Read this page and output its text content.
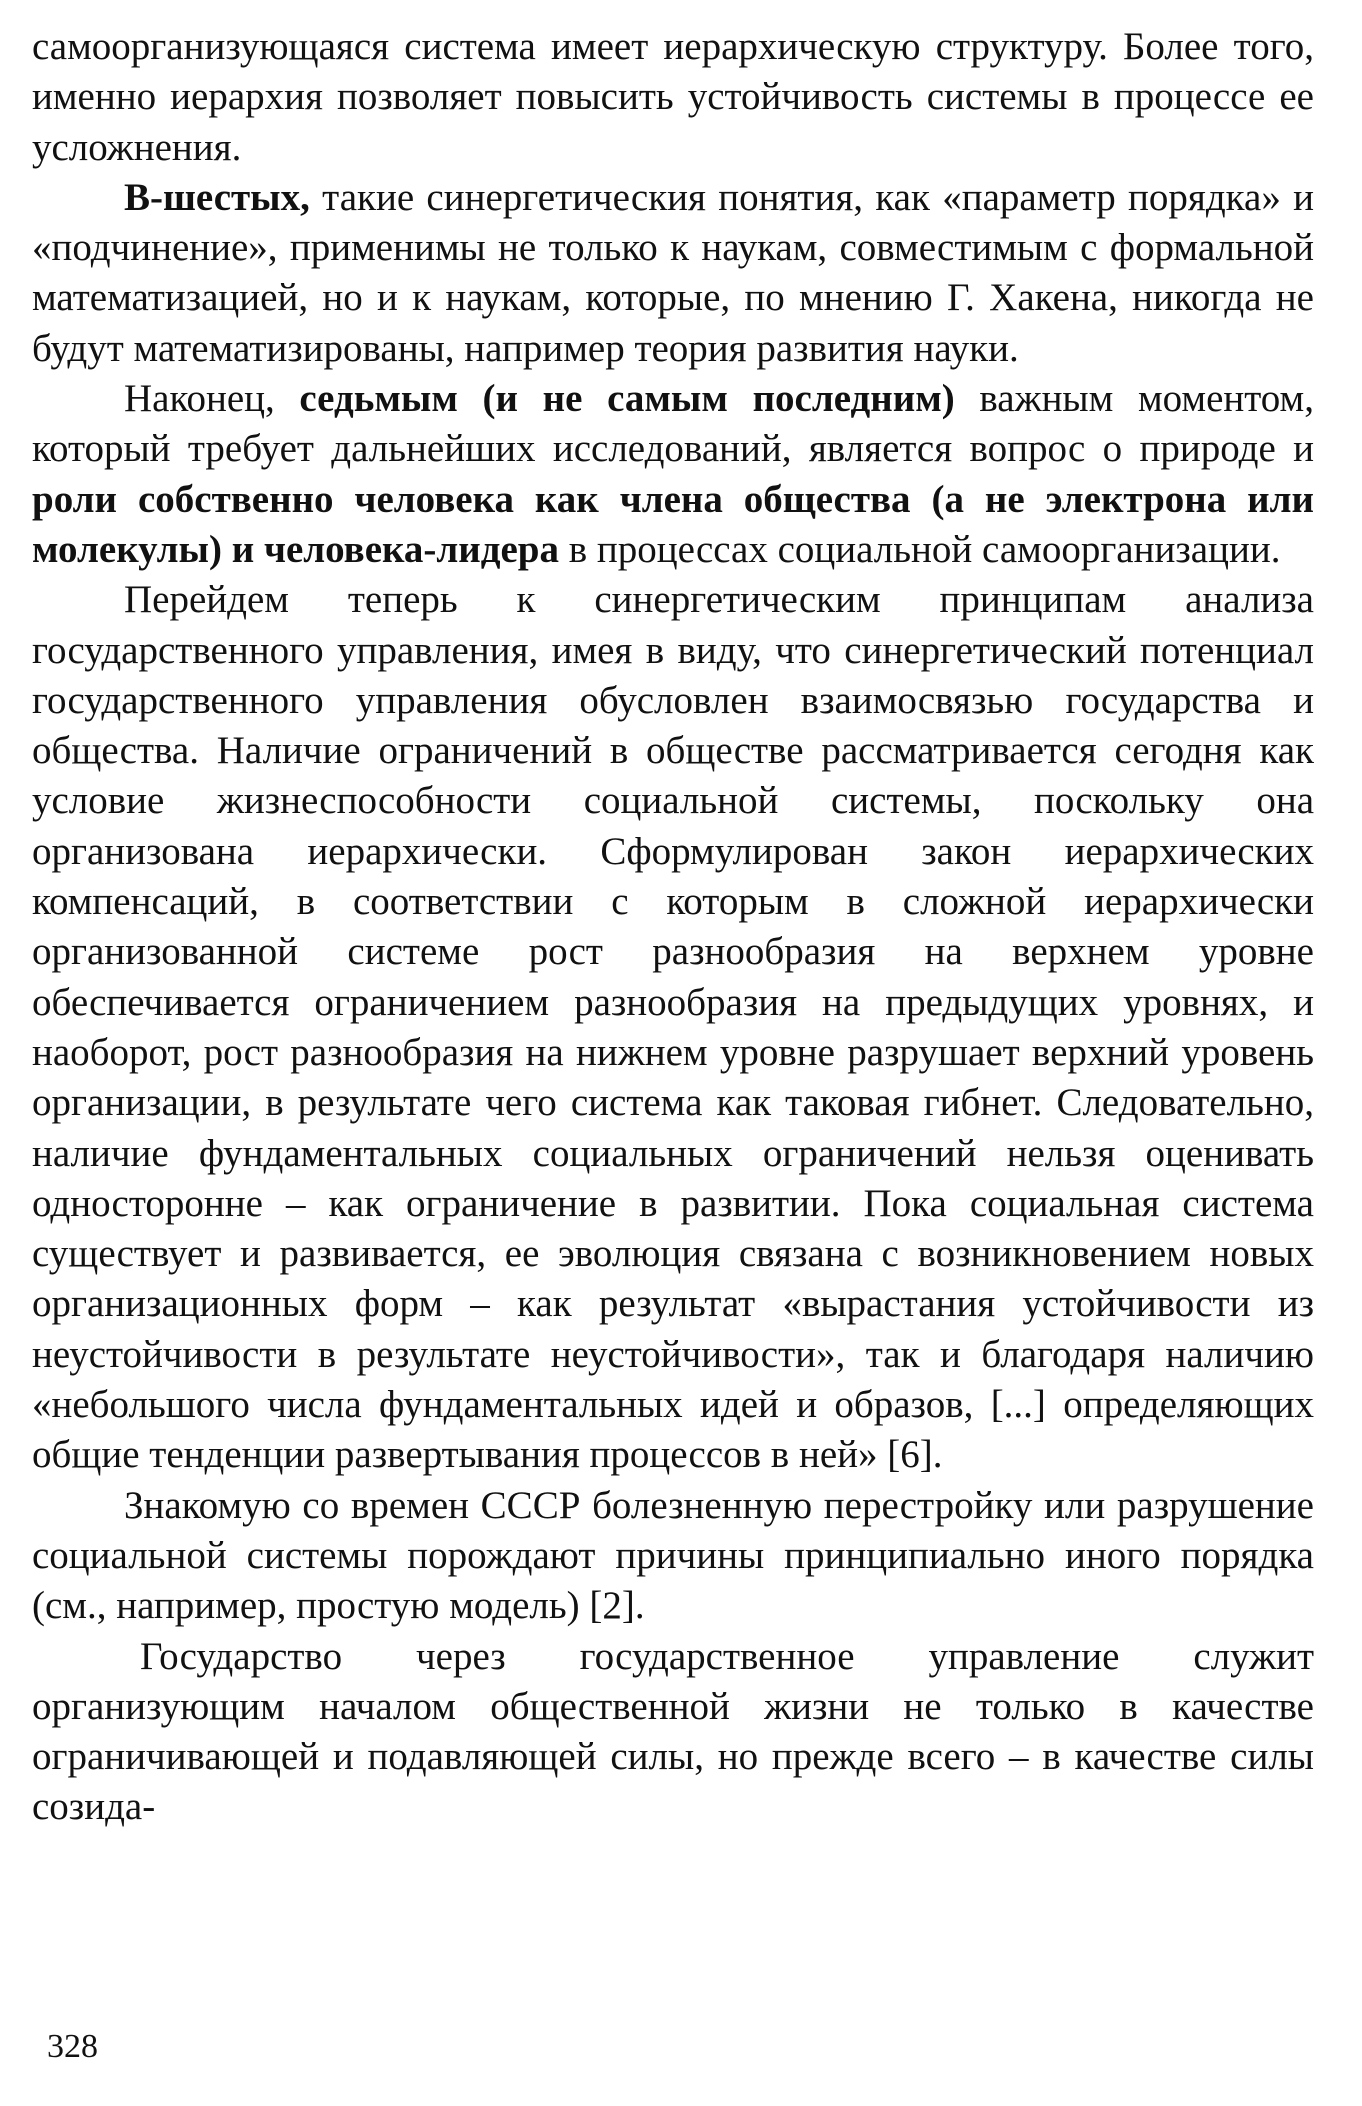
самоорганизующаяся система имеет иерархическую структуру. Более того, именно иерархия позволяет повысить устойчивость системы в процессе ее усложнения.

В-шестых, такие синергетическия понятия, как «параметр порядка» и «подчинение», применимы не только к наукам, совместимым с формальной математизацией, но и к наукам, которые, по мнению Г. Хакена, никогда не будут математизированы, например теория развития науки.

Наконец, седьмым (и не самым последним) важным моментом, который требует дальнейших исследований, является вопрос о природе и роли собственно человека как члена общества (а не электрона или молекулы) и человека-лидера в процессах социальной самоорганизации.

Перейдем теперь к синергетическим принципам анализа государственного управления, имея в виду, что синергетический потенциал государственного управления обусловлен взаимосвязью государства и общества. Наличие ограничений в обществе рассматривается сегодня как условие жизнеспособности социальной системы, поскольку она организована иерархически. Сформулирован закон иерархических компенсаций, в соответствии с которым в сложной иерархически организованной системе рост разнообразия на верхнем уровне обеспечивается ограничением разнообразия на предыдущих уровнях, и наоборот, рост разнообразия на нижнем уровне разрушает верхний уровень организации, в результате чего система как таковая гибнет. Следовательно, наличие фундаментальных социальных ограничений нельзя оценивать односторонне – как ограничение в развитии. Пока социальная система существует и развивается, ее эволюция связана с возникновением новых организационных форм – как результат «вырастания устойчивости из неустойчивости в результате неустойчивости», так и благодаря наличию «небольшого числа фундаментальных идей и образов, [...] определяющих общие тенденции развертывания процессов в ней» [6].

Знакомую со времен СССР болезненную перестройку или разрушение социальной системы порождают причины принципиально иного порядка (см., например, простую модель) [2].

Государство через государственное управление служит организующим началом общественной жизни не только в качестве ограничивающей и подавляющей силы, но прежде всего – в качестве силы созида-

328
